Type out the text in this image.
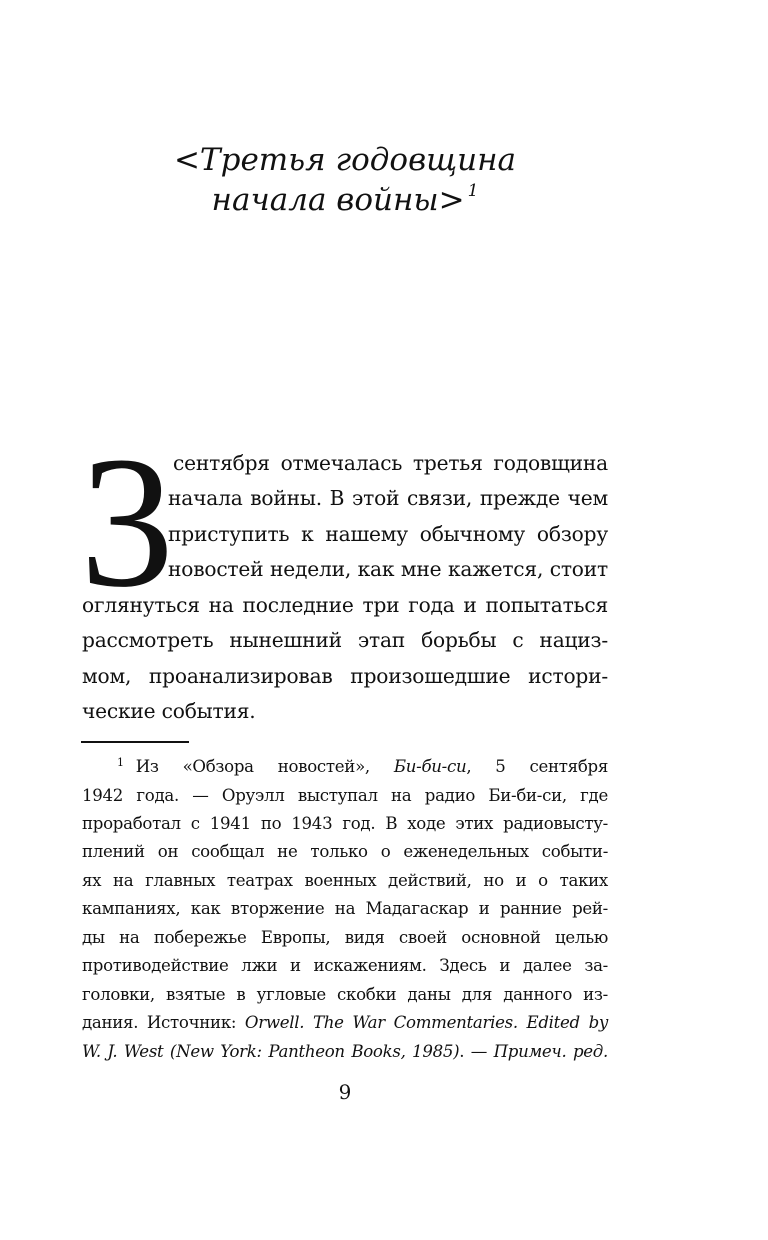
<Третья годовщина
начала войны> $^1$
3 сентября отмечалась третья годовщина
начала войны. В этой связи, прежде чем
приступить к нашему обычному обзору
новостей недели, как мне кажется, стоит
оглянуться на последние три года и попытаться
рассмотреть нынешний этап борьбы с нациз-
мом, проанализировав произошедшие истори-
ческие события.
$^1$ Из «Обзора новостей», Би-би-си, 5 сентября
1942 года. — Оруэлл выступал на радио Би-би-си, где
проработал с 1941 по 1943 год. В ходе этих радиовысту-
плений он сообщал не только о еженедельных событи-
ях на главных театрах военных действий, но и о таких
кампаниях, как вторжение на Мадагаскар и ранние рей-
ды на побережье Европы, видя своей основной целью
противодействие лжи и искажениям. Здесь и далее за-
головки, взятые в угловые скобки даны для данного из-
дания. Источник: Orwell. The War Commentaries. Edited by
W. J. West (New York: Pantheon Books, 1985). — Примеч. ред.
9
